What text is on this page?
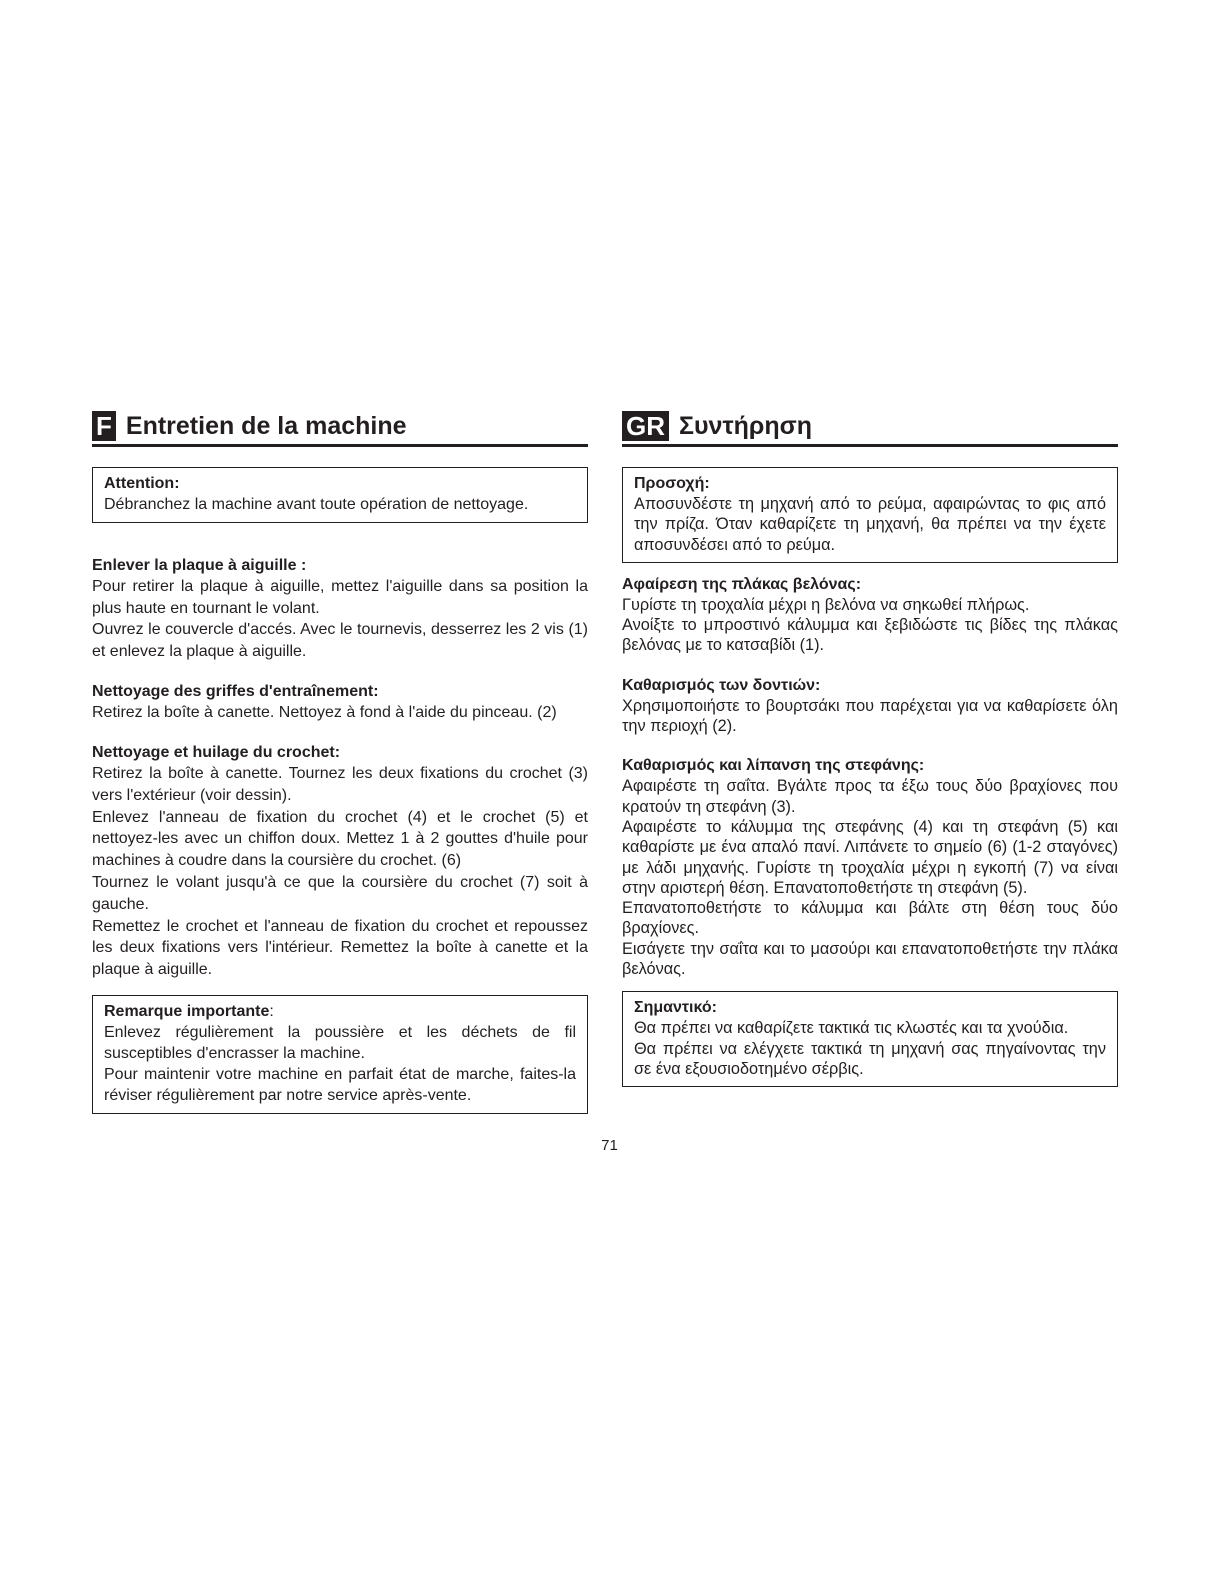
F Entretien de la machine
Attention:

Débranchez la machine avant toute opération de nettoyage.

Enlever la plaque à aiguille :

Pour retirer la plaque à aiguille, mettez l'aiguille dans sa position la plus haute en tournant le volant.

Ouvrez le couvercle d'accés. Avec le tournevis, desserrez les 2 vis (1) et enlevez la plaque à aiguille.

Nettoyage des griffes d'entraînement:

Retirez la boîte à canette. Nettoyez à fond à l'aide du pinceau. (2)

Nettoyage et huilage du crochet:

Retirez la boîte à canette. Tournez les deux fixations du crochet (3) vers l'extérieur (voir dessin).

Enlevez l'anneau de fixation du crochet (4) et le crochet (5) et nettoyez-les avec un chiffon doux. Mettez 1 à 2 gouttes d'huile pour machines à coudre dans la coursière du crochet. (6)

Tournez le volant jusqu'à ce que la coursière du crochet (7) soit à gauche.

Remettez le crochet et l'anneau de fixation du crochet et repoussez les deux fixations vers l'intérieur. Remettez la boîte à canette et la plaque à aiguille.

Remarque importante:

Enlevez régulièrement la poussière et les déchets de fil susceptibles d'encrasser la machine.

Pour maintenir votre machine en parfait état de marche, faites-la réviser régulièrement par notre service après-vente.

GR Συντήρηση
Προσοχή:

Αποσυνδέστε τη μηχανή από το ρεύμα, αφαιρώντας το φις από την πρίζα. Όταν καθαρίζετε τη μηχανή, θα πρέπει να την έχετε αποσυνδέσει από το ρεύμα.

Αφαίρεση της πλάκας βελόνας:

Γυρίστε τη τροχαλία μέχρι η βελόνα να σηκωθεί πλήρως.

Ανοίξτε το μπροστινό κάλυμμα και ξεβιδώστε τις βίδες της πλάκας βελόνας με το κατσαβίδι (1).

Καθαρισμός των δοντιών:

Χρησιμοποιήστε το βουρτσάκι που παρέχεται για να καθαρίσετε όλη την περιοχή (2).

Καθαρισμός και λίπανση της στεφάνης:

Αφαιρέστε τη σαΐτα. Βγάλτε προς τα έξω τους δύο βραχίονες που κρατούν τη στεφάνη (3).

Αφαιρέστε το κάλυμμα της στεφάνης (4) και τη στεφάνη (5) και καθαρίστε με ένα απαλό πανί. Λιπάνετε το σημείο (6) (1-2 σταγόνες) με λάδι μηχανής. Γυρίστε τη τροχαλία μέχρι η εγκοπή (7) να είναι στην αριστερή θέση. Επανατοποθετήστε τη στεφάνη (5).

Επανατοποθετήστε το κάλυμμα και βάλτε στη θέση τους δύο βραχίονες.

Εισάγετε την σαΐτα και το μασούρι και επανατοποθετήστε την πλάκα βελόνας.

Σημαντικό:

Θα πρέπει να καθαρίζετε τακτικά τις κλωστές και τα χνούδια.

Θα πρέπει να ελέγχετε τακτικά τη μηχανή σας πηγαίνοντας την σε ένα εξουσιοδοτημένο σέρβις.

71
